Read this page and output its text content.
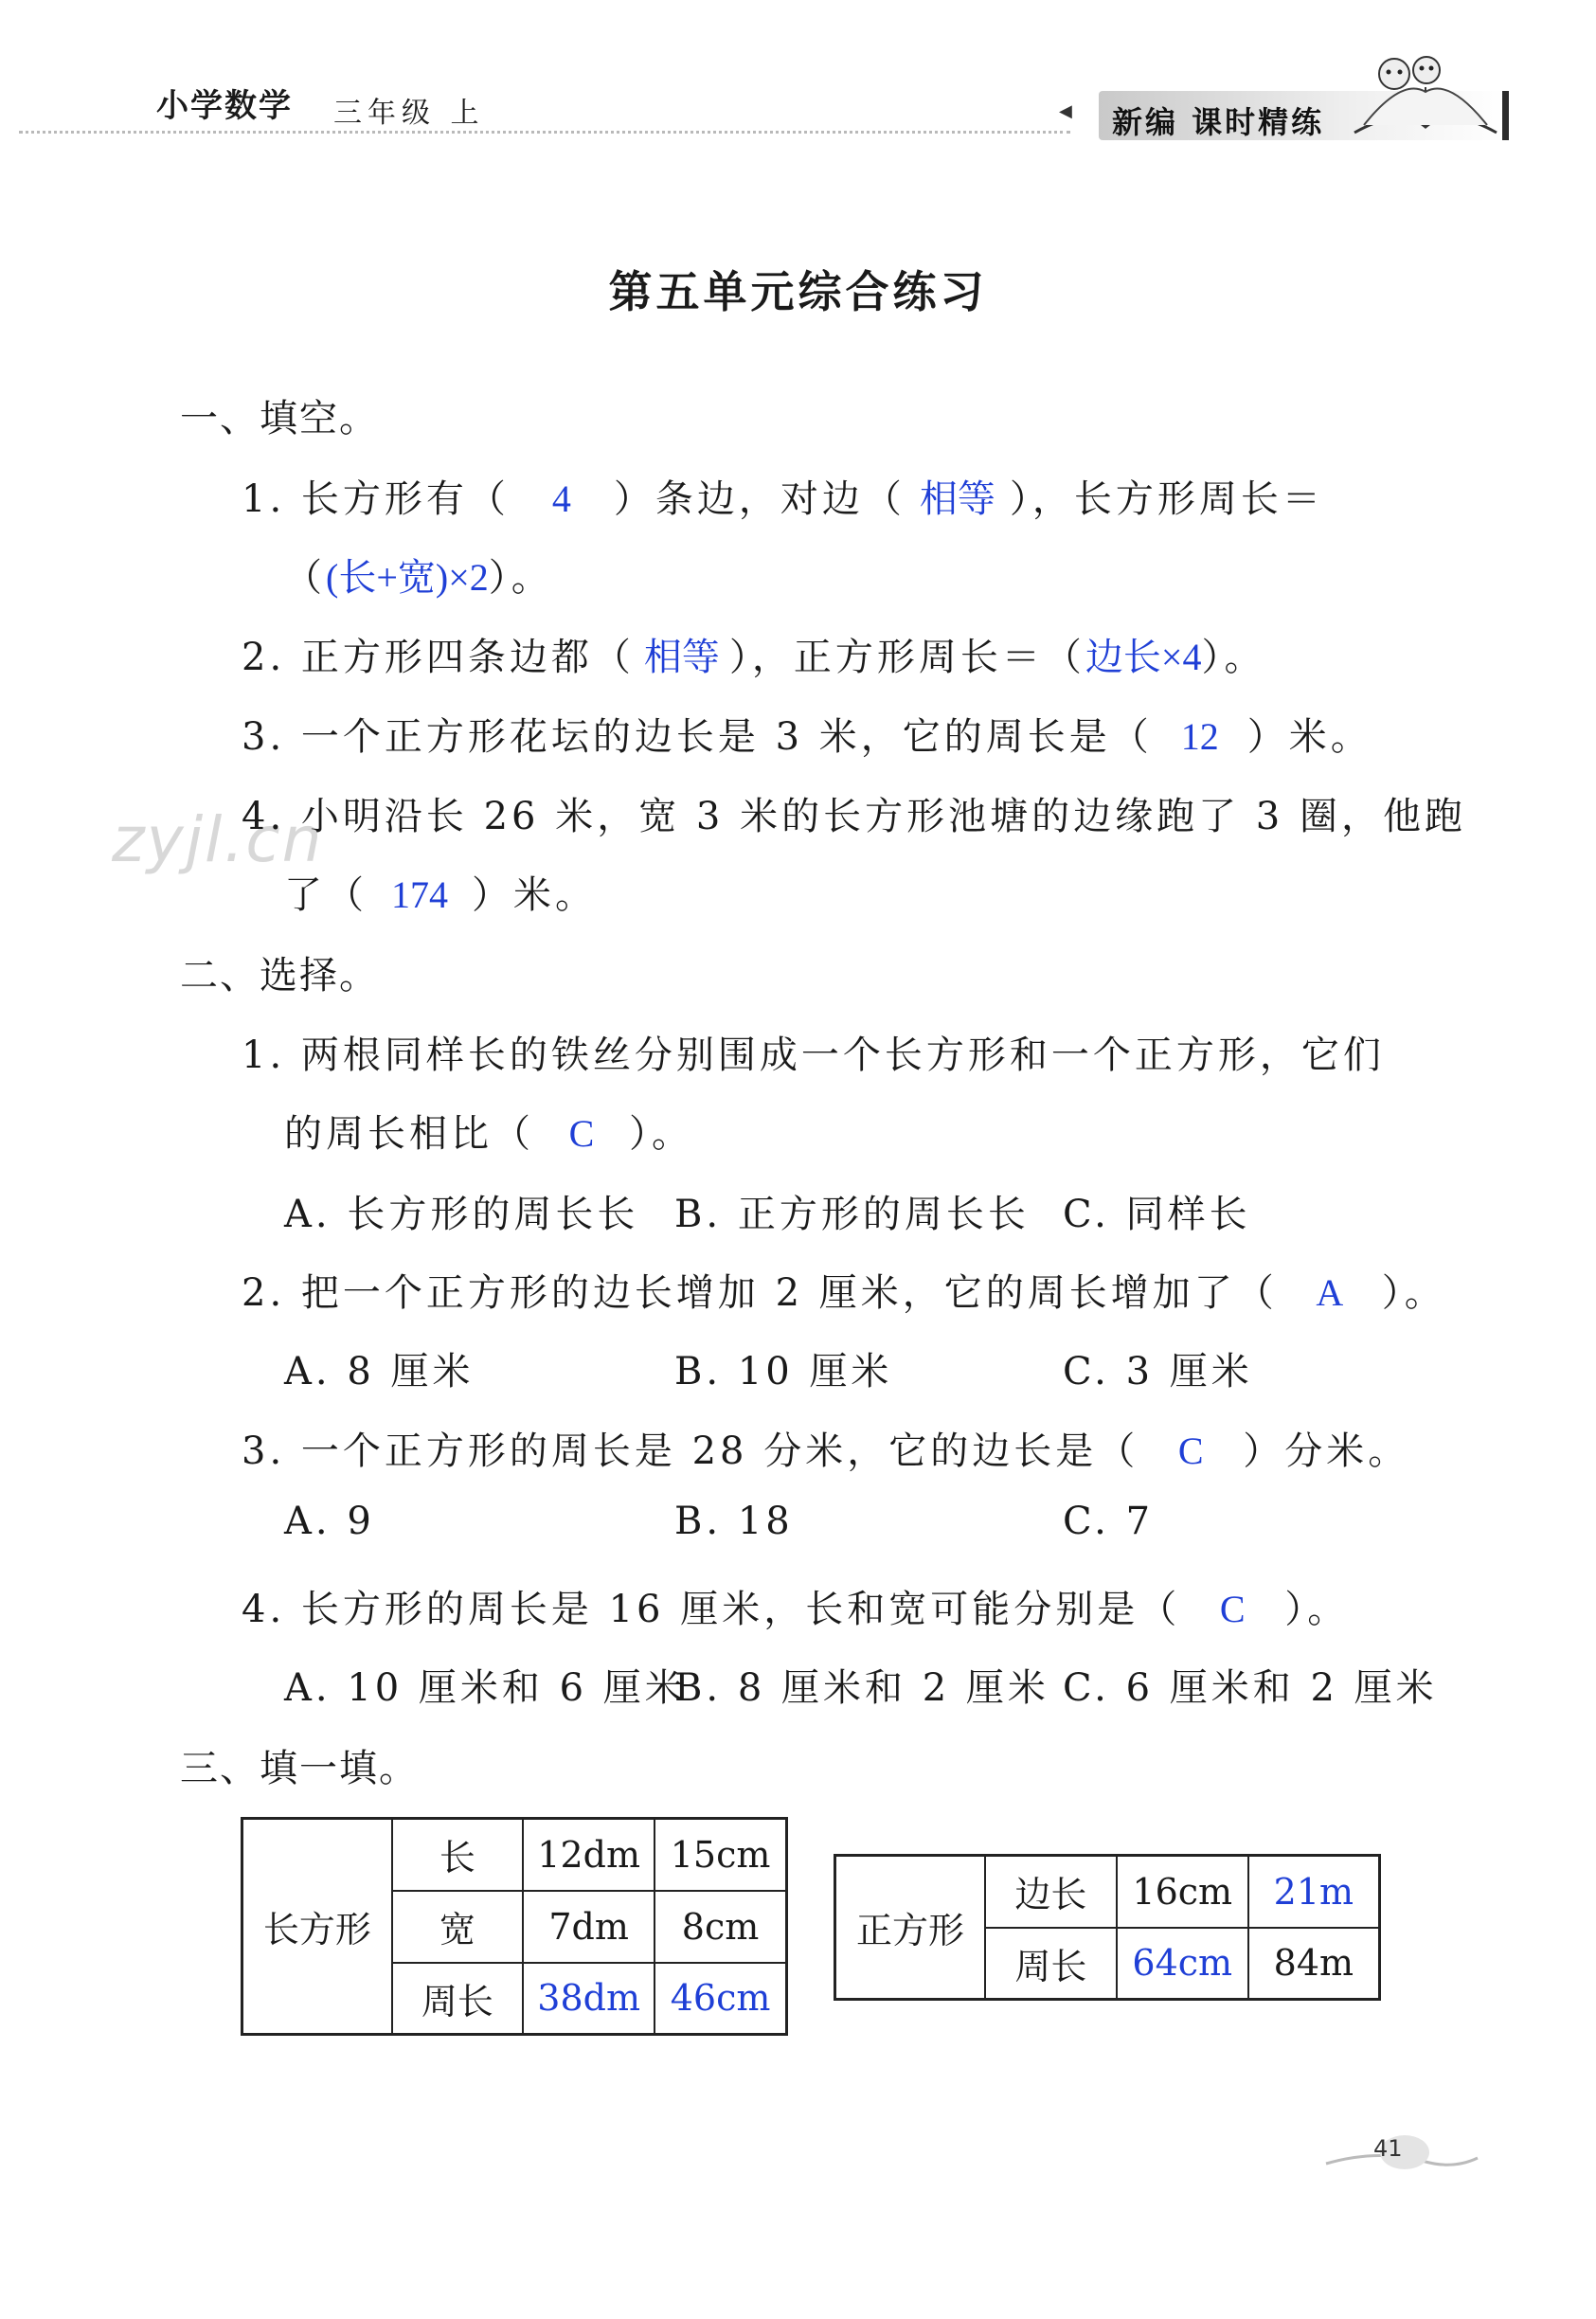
小学数学 三年级 上	◀ 新编 课时精练
第五单元综合练习
zyjl.cn
一、填空。
1. 长方形有（ 4 ）条边，对边（ 相等 ），长方形周长＝
（(长+宽)×2）。
2. 正方形四条边都（ 相等 ），正方形周长＝（边长×4）。
3. 一个正方形花坛的边长是 3 米，它的周长是（ 12 ）米。
4. 小明沿长 26 米，宽 3 米的长方形池塘的边缘跑了 3 圈，他跑
了（ 174 ）米。
二、选择。
1. 两根同样长的铁丝分别围成一个长方形和一个正方形，它们
的周长相比（ C ）。
A. 长方形的周长长 B. 正方形的周长长 C. 同样长
2. 把一个正方形的边长增加 2 厘米，它的周长增加了（ A ）。
A. 8 厘米	B. 10 厘米	C. 3 厘米
3. 一个正方形的周长是 28 分米，它的边长是（ C ）分米。
A. 9	B. 18	C. 7
4. 长方形的周长是 16 厘米，长和宽可能分别是（ C ）。
A. 10 厘米和 6 厘米
B. 8 厘米和 2 厘米 C. 6 厘米和 2 厘米
三、填一填。
长方形	长	12dm	15cm
	宽	7dm	8cm
	周长	38dm	46cm
正方形	边长	16cm	21m
	周长	64cm	84m
41
